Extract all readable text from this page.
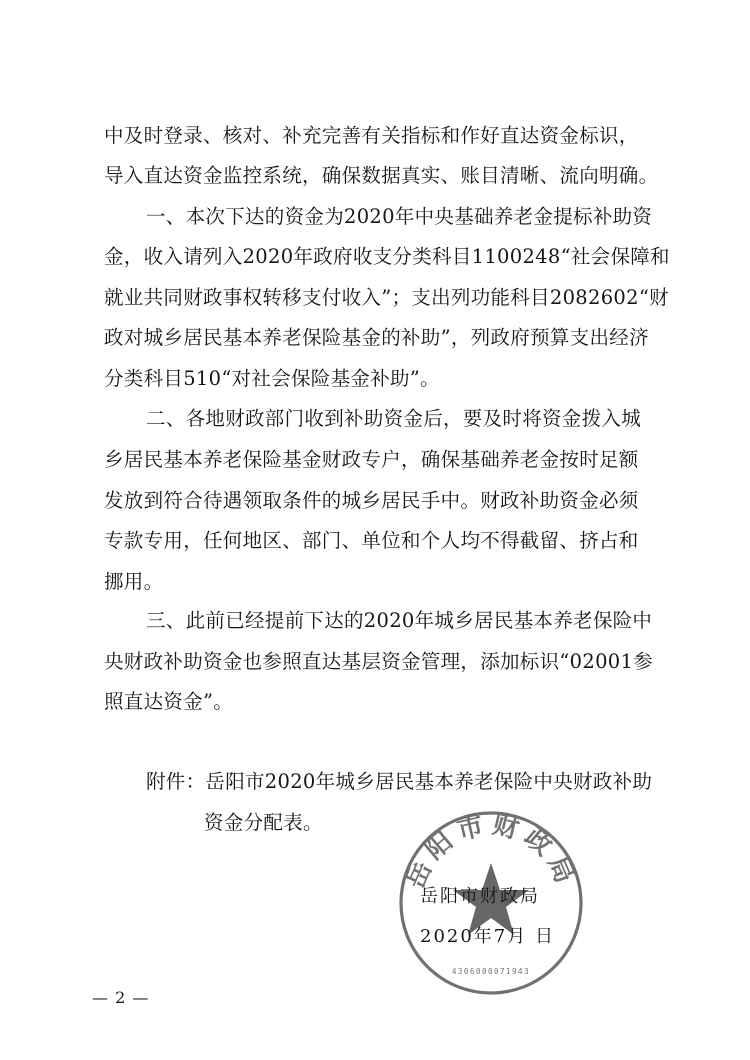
中及时登录、核对、补充完善有关指标和作好直达资金标识，
导入直达资金监控系统，确保数据真实、账目清晰、流向明确。
一、本次下达的资金为2020年中央基础养老金提标补助资
金，收入请列入2020年政府收支分类科目1100248“社会保障和
就业共同财政事权转移支付收入”；支出列功能科目2082602“财
政对城乡居民基本养老保险基金的补助”，列政府预算支出经济
分类科目510“对社会保险基金补助”。
二、各地财政部门收到补助资金后，要及时将资金拨入城
乡居民基本养老保险基金财政专户，确保基础养老金按时足额
发放到符合待遇领取条件的城乡居民手中。财政补助资金必须
专款专用，任何地区、部门、单位和个人均不得截留、挤占和
挪用。
三、此前已经提前下达的2020年城乡居民基本养老保险中
央财政补助资金也参照直达基层资金管理，添加标识“02001参
照直达资金”。
附件：岳阳市2020年城乡居民基本养老保险中央财政补助
资金分配表。
岳阳市财政局
4306000071943
岳阳市财政局
2020年7月 日
— 2 —
